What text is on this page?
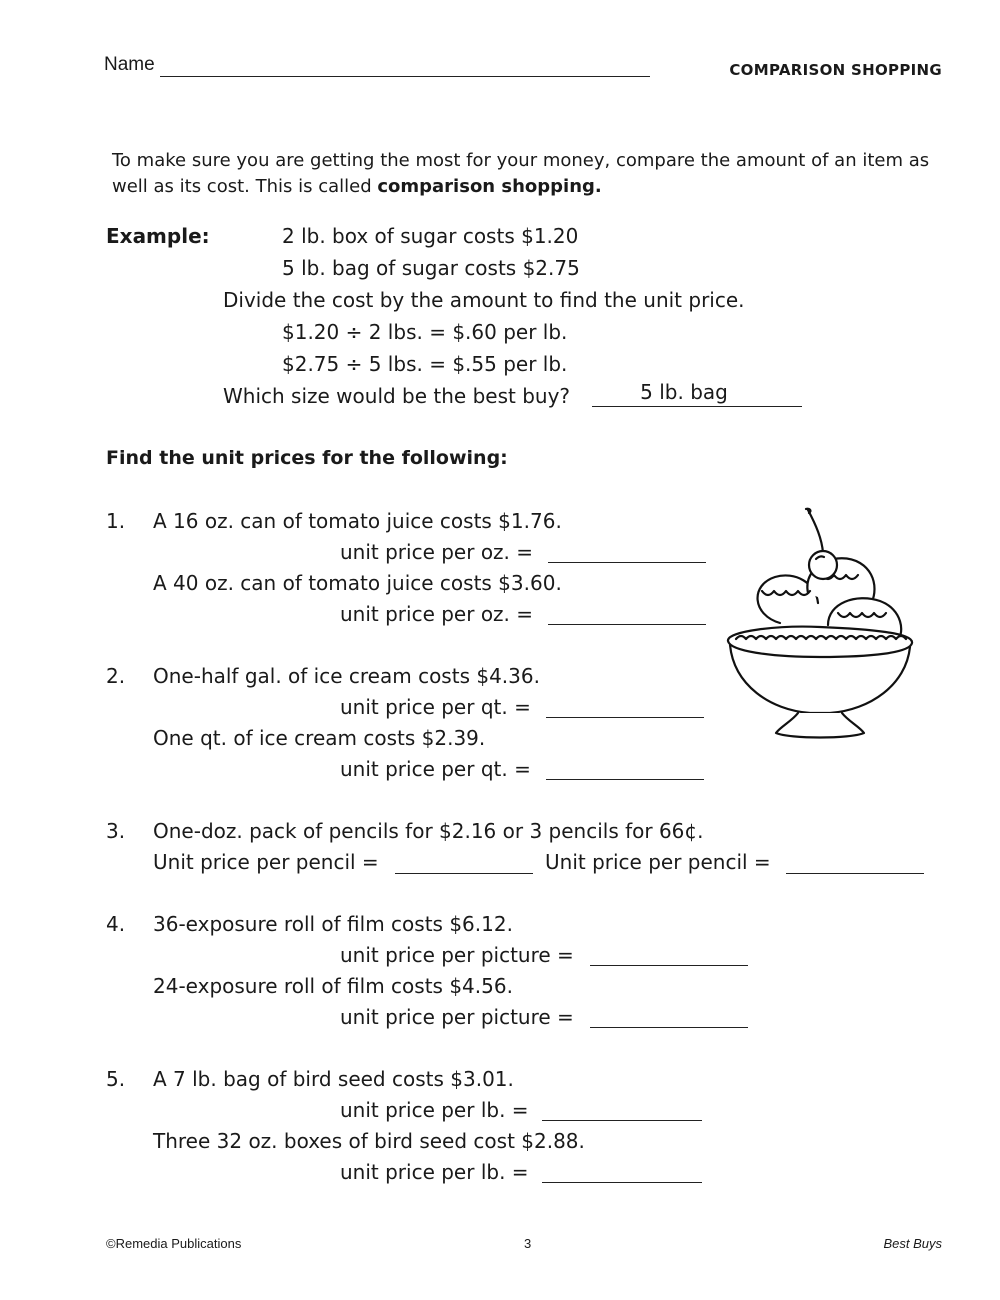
Name	COMPARISON SHOPPING
To make sure you are getting the most for your money, compare the amount of an item as well as its cost. This is called comparison shopping.
Example:	2 lb. box of sugar costs $1.20
5 lb. bag of sugar costs $2.75
Divide the cost by the amount to find the unit price.
$1.20 ÷ 2 lbs. = $.60 per lb.
$2.75 ÷ 5 lbs. = $.55 per lb.
Which size would be the best buy?	5 lb. bag
Find the unit prices for the following:
1. A 16 oz. can of tomato juice costs $1.76.
unit price per oz. =
A 40 oz. can of tomato juice costs $3.60.
unit price per oz. =
2. One-half gal. of ice cream costs $4.36.
unit price per qt. =
One qt. of ice cream costs $2.39.
unit price per qt. =
3. One-doz. pack of pencils for $2.16 or 3 pencils for 66¢.
Unit price per pencil =	Unit price per pencil =
4. 36-exposure roll of film costs $6.12.
unit price per picture =
24-exposure roll of film costs $4.56.
unit price per picture =
5. A 7 lb. bag of bird seed costs $3.01.
unit price per lb. =
Three 32 oz. boxes of bird seed cost $2.88.
unit price per lb. =
©Remedia Publications	3	Best Buys
